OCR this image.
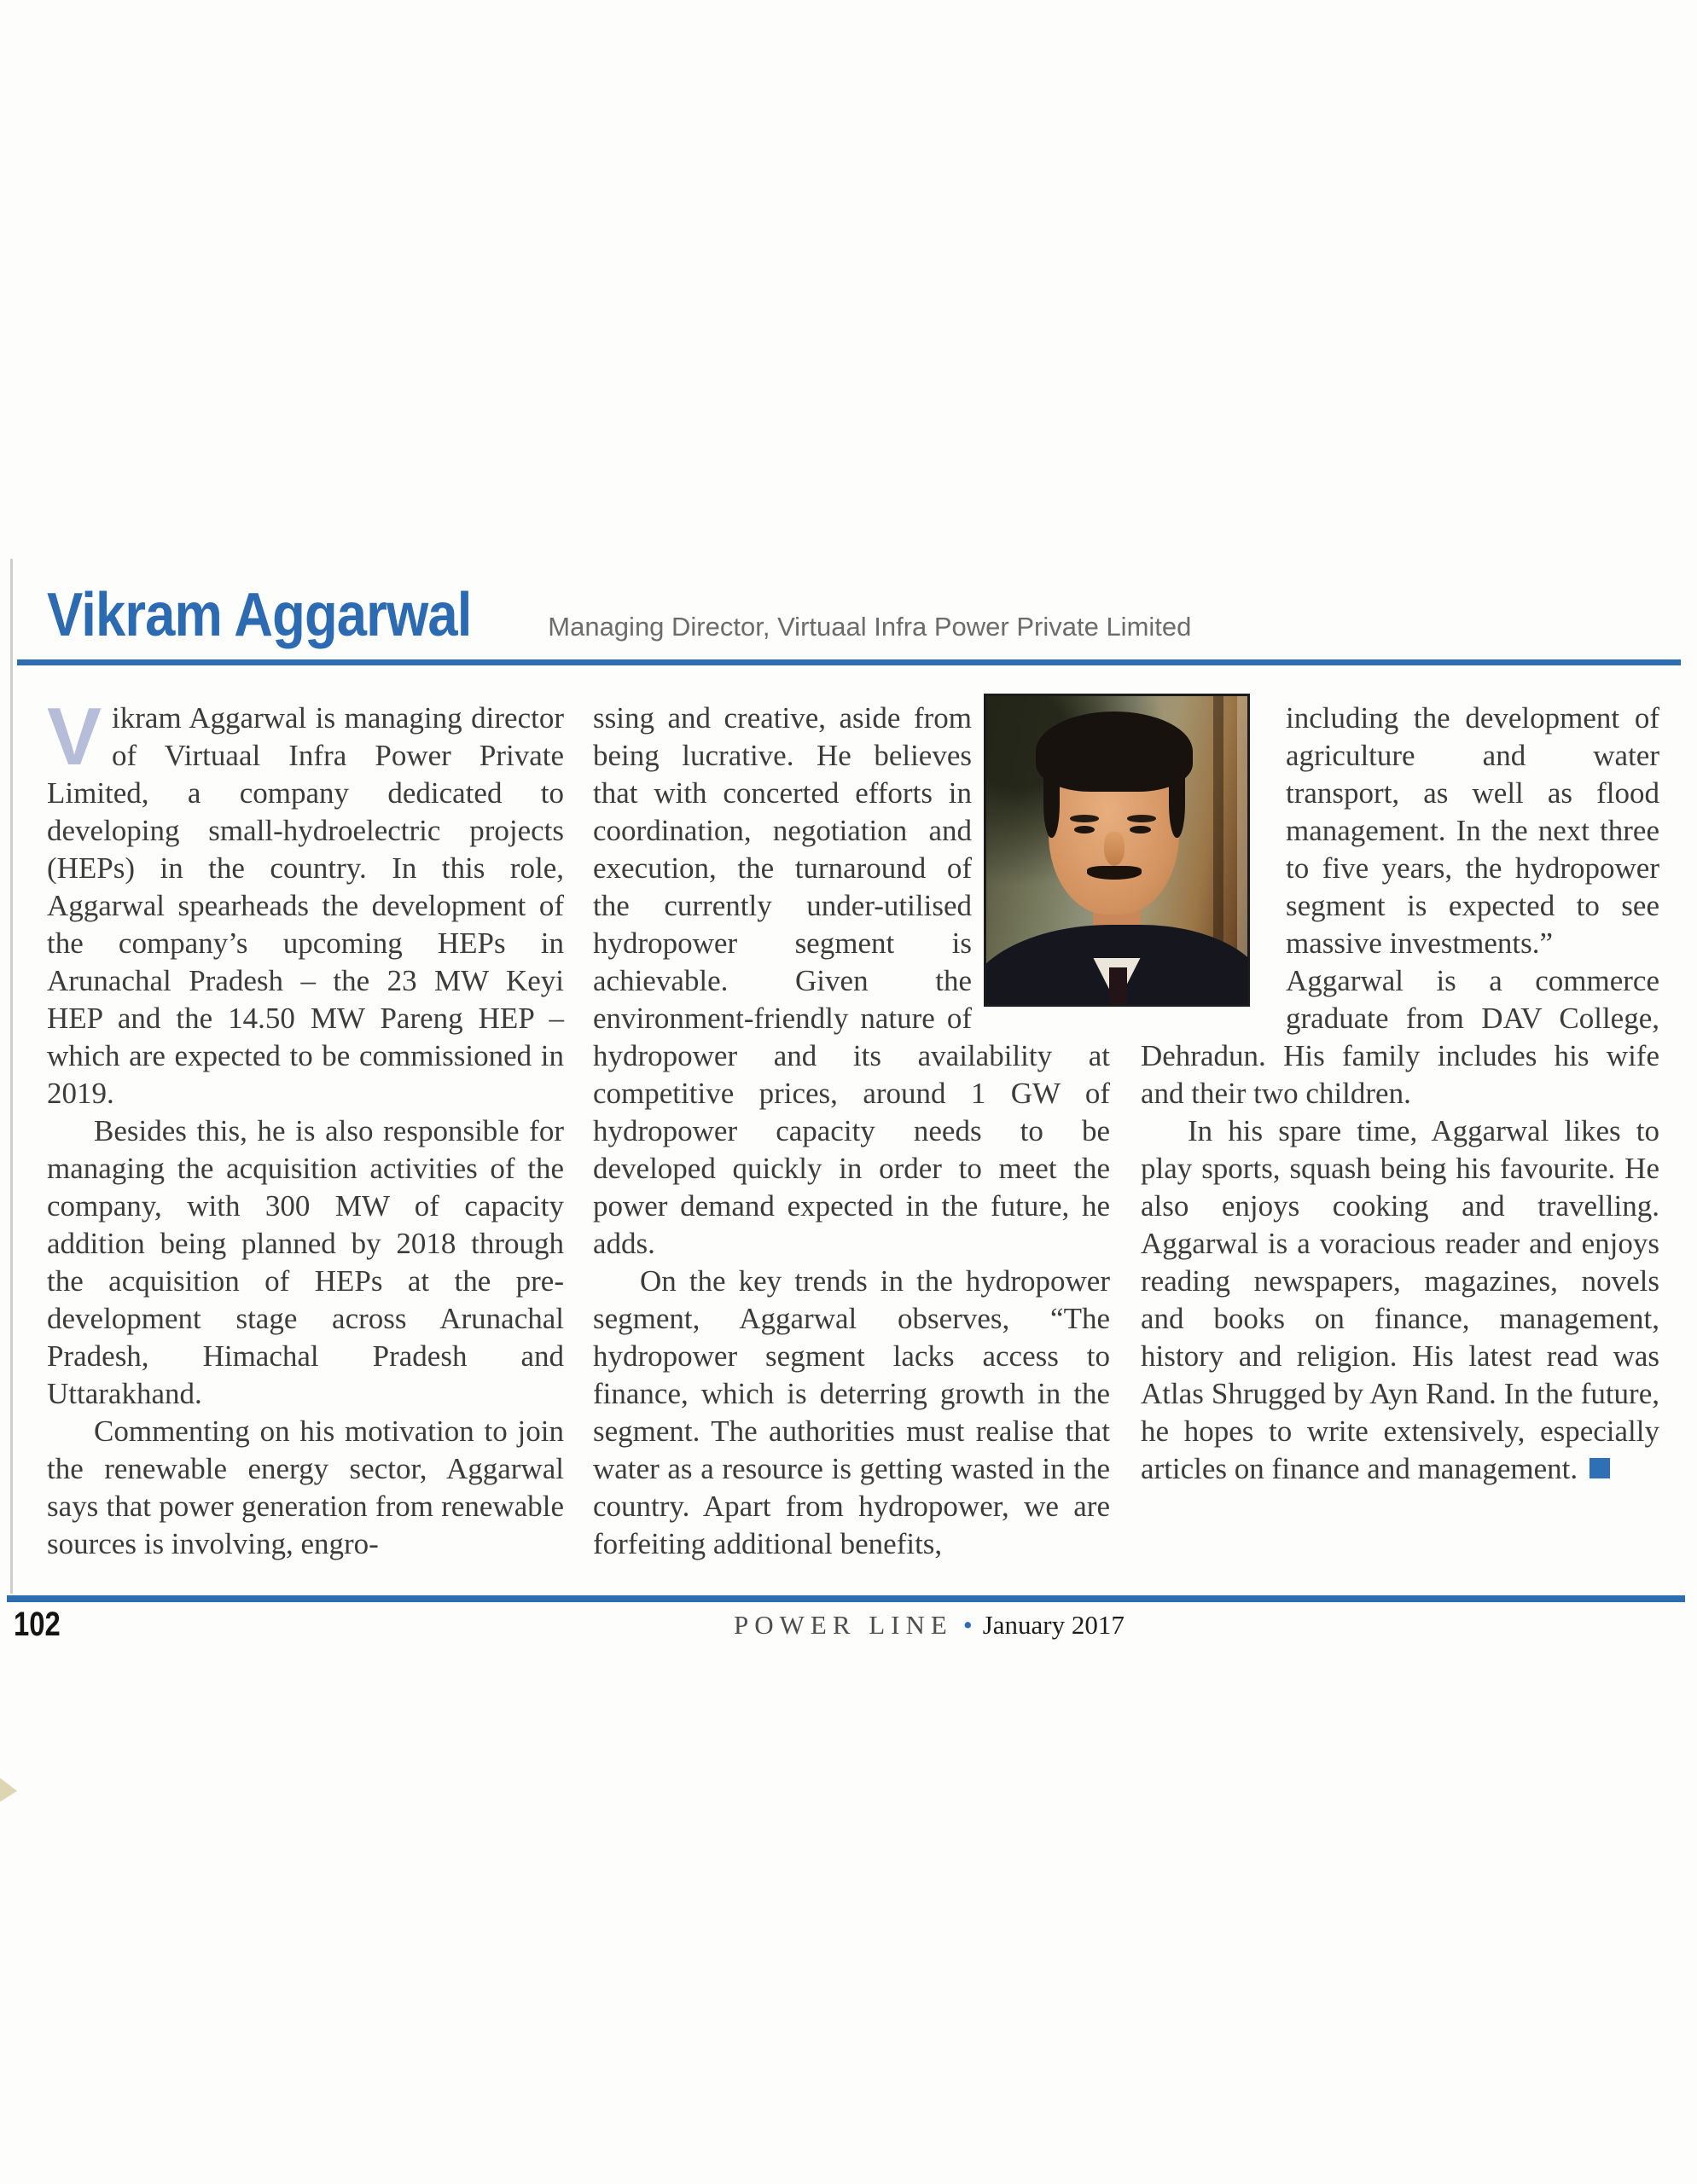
Vikram Aggarwal	Managing Director, Virtuaal Infra Power Private Limited

Vikram Aggarwal is managing director of Virtuaal Infra Power Private Limited, a company dedicated to developing small-hydroelectric projects (HEPs) in the country. In this role, Aggarwal spearheads the development of the company’s upcoming HEPs in Arunachal Pradesh – the 23 MW Keyi HEP and the 14.50 MW Pareng HEP – which are expected to be commissioned in 2019.

Besides this, he is also responsible for managing the acquisition activities of the company, with 300 MW of capacity addition being planned by 2018 through the acquisition of HEPs at the pre-development stage across Arunachal Pradesh, Himachal Pradesh and Uttarakhand.

Commenting on his motivation to join the renewable energy sector, Aggarwal says that power generation from renewable sources is involving, engro-

ssing and creative, aside from being lucrative. He believes that with concerted efforts in coordination, negotiation and execution, the turnaround of the currently under-utilised hydropower segment is achievable. Given the environment-friendly nature of hydropower and its availability at competitive prices, around 1 GW of hydropower capacity needs to be developed quickly in order to meet the power demand expected in the future, he adds.

On the key trends in the hydropower segment, Aggarwal observes, “The hydropower segment lacks access to finance, which is deterring growth in the segment. The authorities must realise that water as a resource is getting wasted in the country. Apart from hydropower, we are forfeiting additional benefits,

including the development of agriculture and water transport, as well as flood management. In the next three to five years, the hydropower segment is expected to see massive investments.”

Aggarwal is a commerce graduate from DAV College, Dehradun. His family includes his wife and their two children.

In his spare time, Aggarwal likes to play sports, squash being his favourite. He also enjoys cooking and travelling. Aggarwal is a voracious reader and enjoys reading newspapers, magazines, novels and books on finance, management, history and religion. His latest read was Atlas Shrugged by Ayn Rand. In the future, he hopes to write extensively, especially articles on finance and management.

102	POWER LINE • January 2017
